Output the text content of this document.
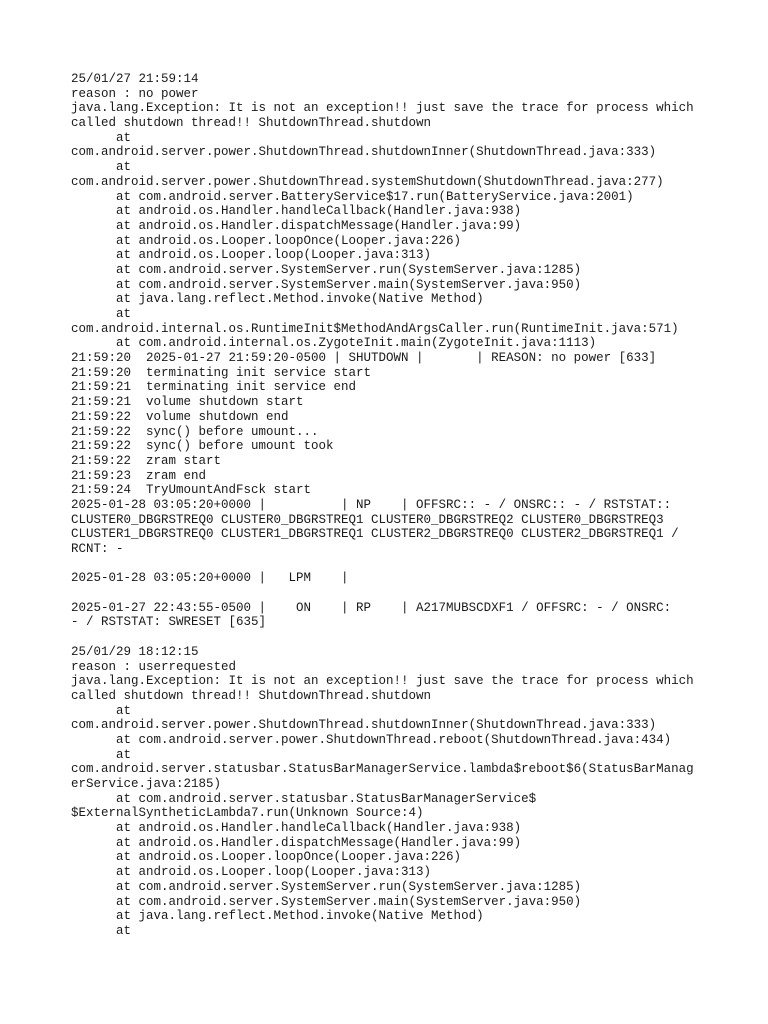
25/01/27 21:59:14
reason : no power
java.lang.Exception: It is not an exception!! just save the trace for process which
called shutdown thread!! ShutdownThread.shutdown
at
com.android.server.power.ShutdownThread.shutdownInner(ShutdownThread.java:333)
at
com.android.server.power.ShutdownThread.systemShutdown(ShutdownThread.java:277)
at com.android.server.BatteryService$17.run(BatteryService.java:2001)
at android.os.Handler.handleCallback(Handler.java:938)
at android.os.Handler.dispatchMessage(Handler.java:99)
at android.os.Looper.loopOnce(Looper.java:226)
at android.os.Looper.loop(Looper.java:313)
at com.android.server.SystemServer.run(SystemServer.java:1285)
at com.android.server.SystemServer.main(SystemServer.java:950)
at java.lang.reflect.Method.invoke(Native Method)
at
com.android.internal.os.RuntimeInit$MethodAndArgsCaller.run(RuntimeInit.java:571)
at com.android.internal.os.ZygoteInit.main(ZygoteInit.java:1113)
21:59:20  2025-01-27 21:59:20-0500 | SHUTDOWN |       | REASON: no power [633]
21:59:20  terminating init service start
21:59:21  terminating init service end
21:59:21  volume shutdown start
21:59:22  volume shutdown end
21:59:22  sync() before umount...
21:59:22  sync() before umount took
21:59:22  zram start
21:59:23  zram end
21:59:24  TryUmountAndFsck start
2025-01-28 03:05:20+0000 |          | NP    | OFFSRC:: - / ONSRC:: - / RSTSTAT::
CLUSTER0_DBGRSTREQ0 CLUSTER0_DBGRSTREQ1 CLUSTER0_DBGRSTREQ2 CLUSTER0_DBGRSTREQ3
CLUSTER1_DBGRSTREQ0 CLUSTER1_DBGRSTREQ1 CLUSTER2_DBGRSTREQ0 CLUSTER2_DBGRSTREQ1 /
RCNT: -
2025-01-28 03:05:20+0000 |   LPM    |
2025-01-27 22:43:55-0500 |    ON    | RP    | A217MUBSCDXF1 / OFFSRC: - / ONSRC:
- / RSTSTAT: SWRESET [635]
25/01/29 18:12:15
reason : userrequested
java.lang.Exception: It is not an exception!! just save the trace for process which
called shutdown thread!! ShutdownThread.shutdown
at
com.android.server.power.ShutdownThread.shutdownInner(ShutdownThread.java:333)
at com.android.server.power.ShutdownThread.reboot(ShutdownThread.java:434)
at
com.android.server.statusbar.StatusBarManagerService.lambda$reboot$6(StatusBarManag
erService.java:2185)
at com.android.server.statusbar.StatusBarManagerService$
$ExternalSyntheticLambda7.run(Unknown Source:4)
at android.os.Handler.handleCallback(Handler.java:938)
at android.os.Handler.dispatchMessage(Handler.java:99)
at android.os.Looper.loopOnce(Looper.java:226)
at android.os.Looper.loop(Looper.java:313)
at com.android.server.SystemServer.run(SystemServer.java:1285)
at com.android.server.SystemServer.main(SystemServer.java:950)
at java.lang.reflect.Method.invoke(Native Method)
at
